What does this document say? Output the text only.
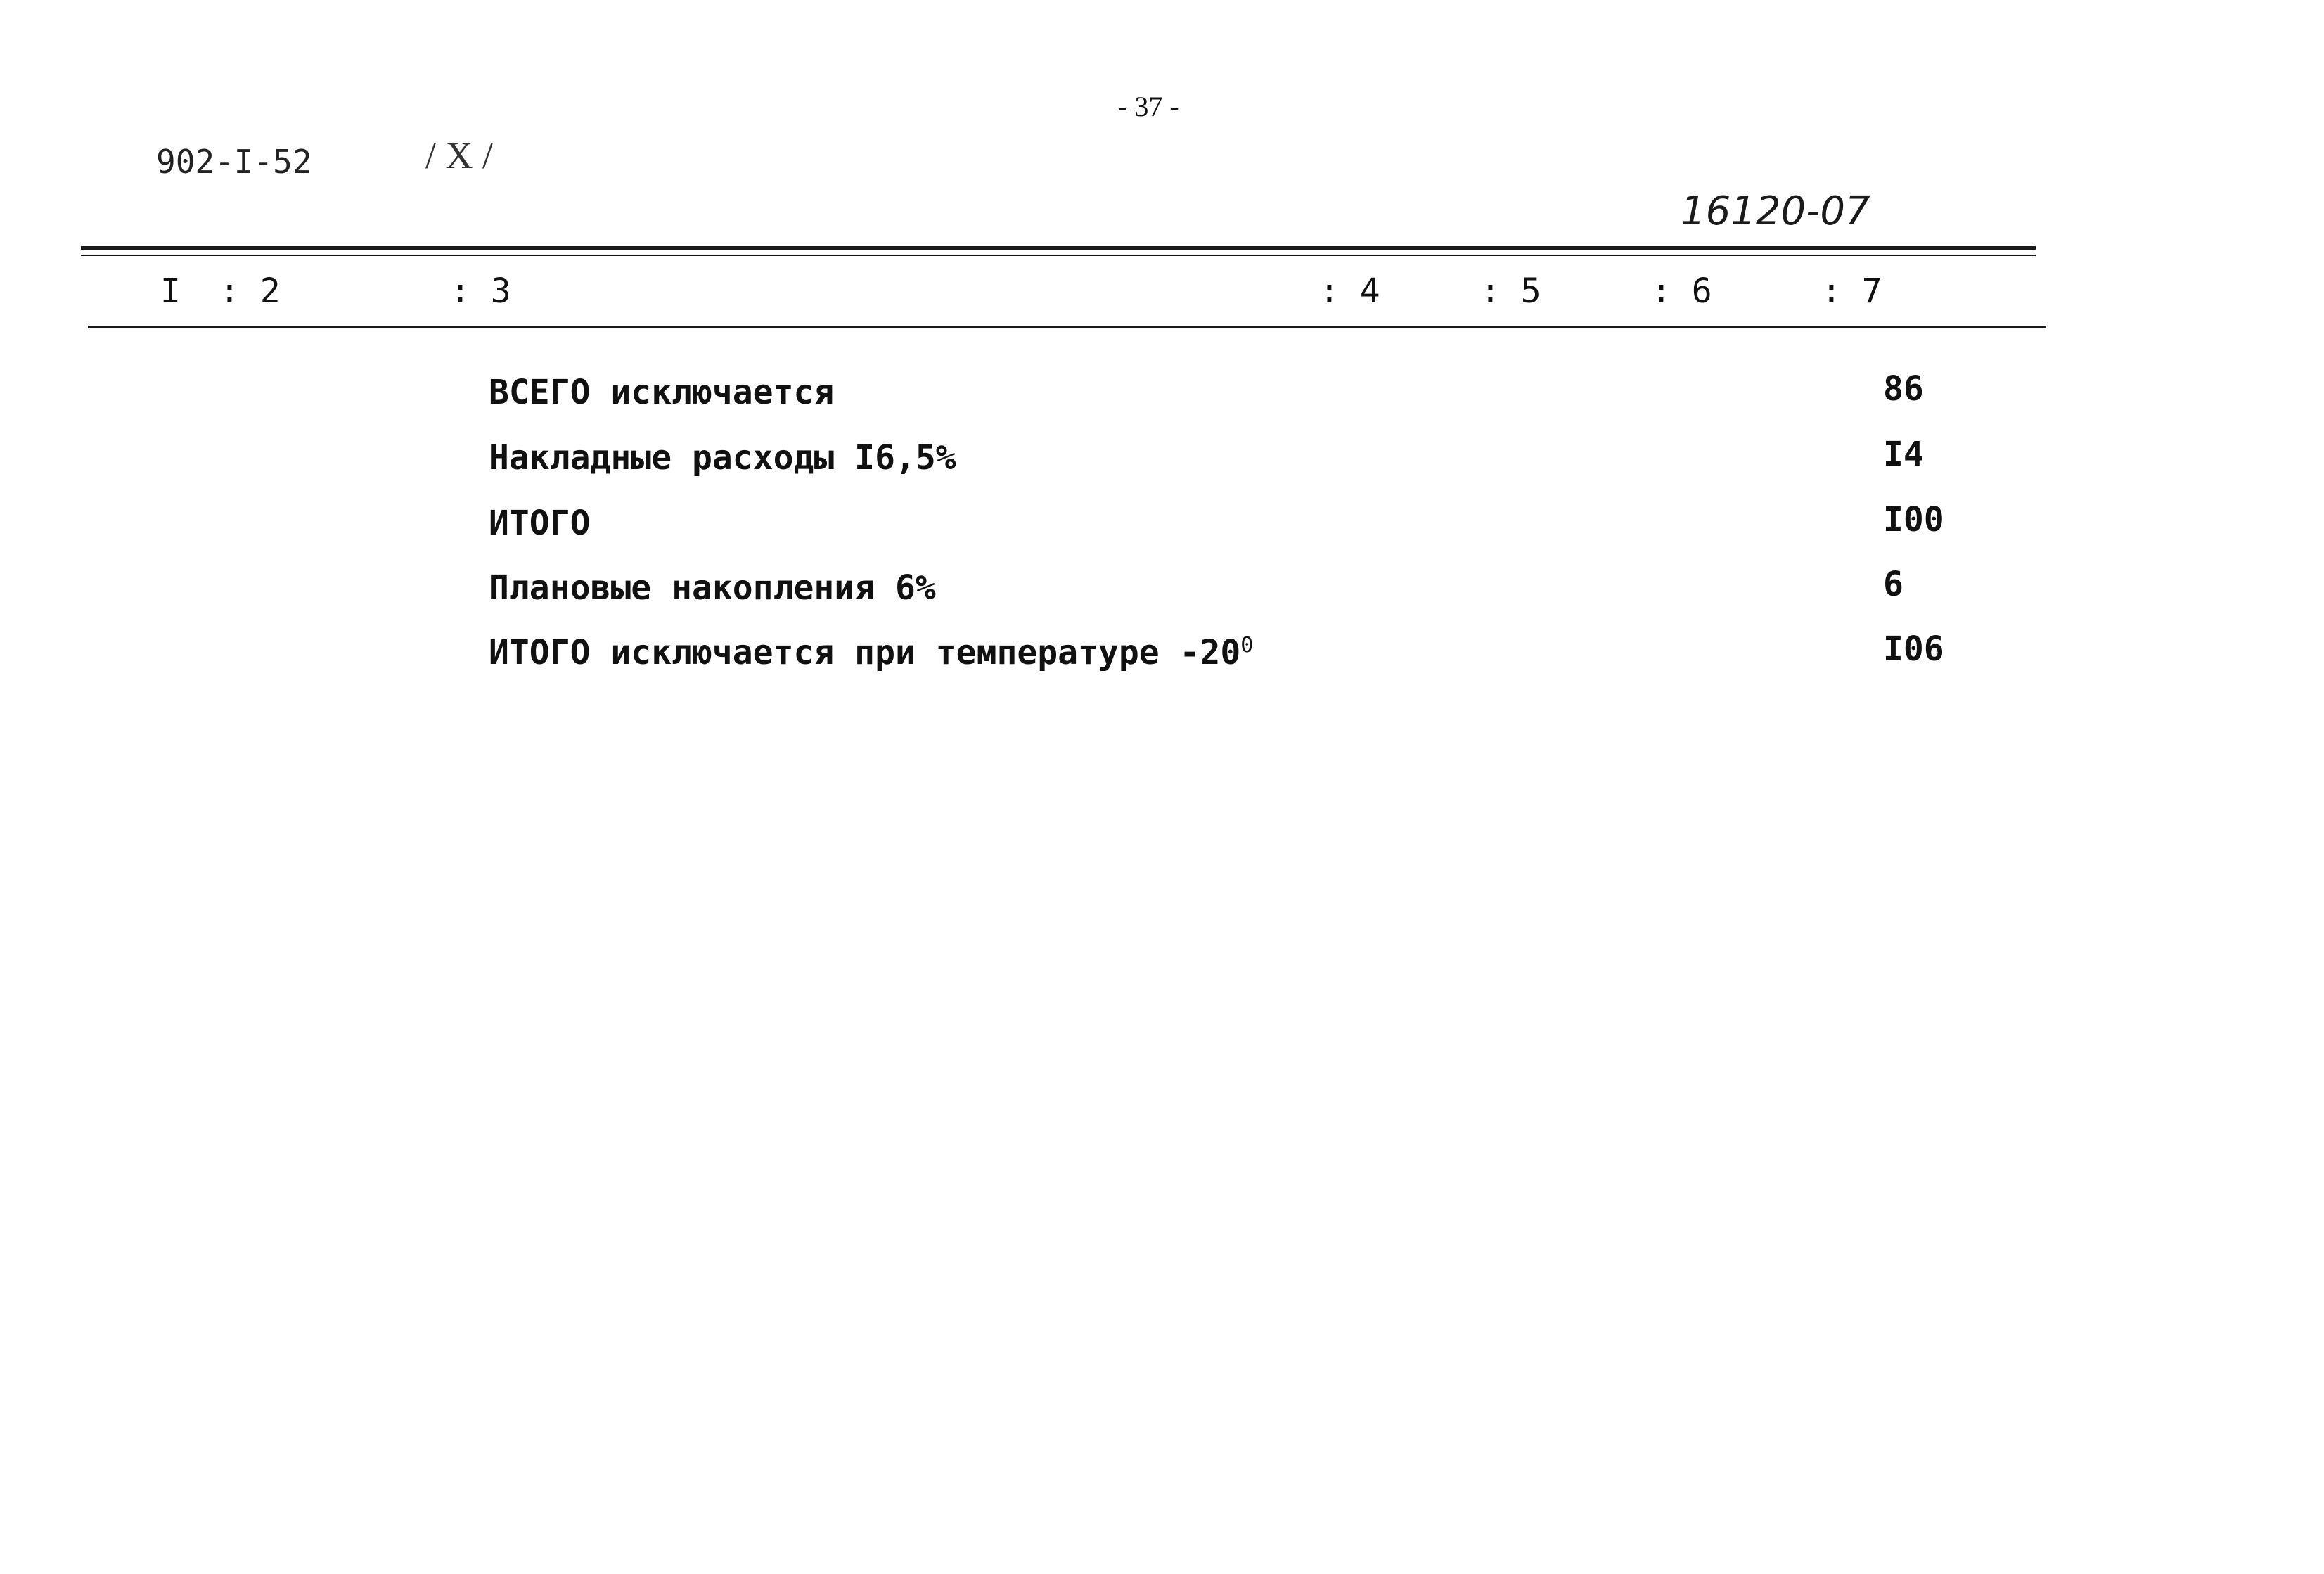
- 37 -
902-I-52	/ X /
16120-07
I : 2	: 3	: 4	: 5	: 6	: 7
ВСЕГО исключается	86
Накладные расходы I6,5%	I4
ИТОГО	I00
Плановые накопления 6%	6
ИТОГО исключается при температуре $-20^0$	I06
